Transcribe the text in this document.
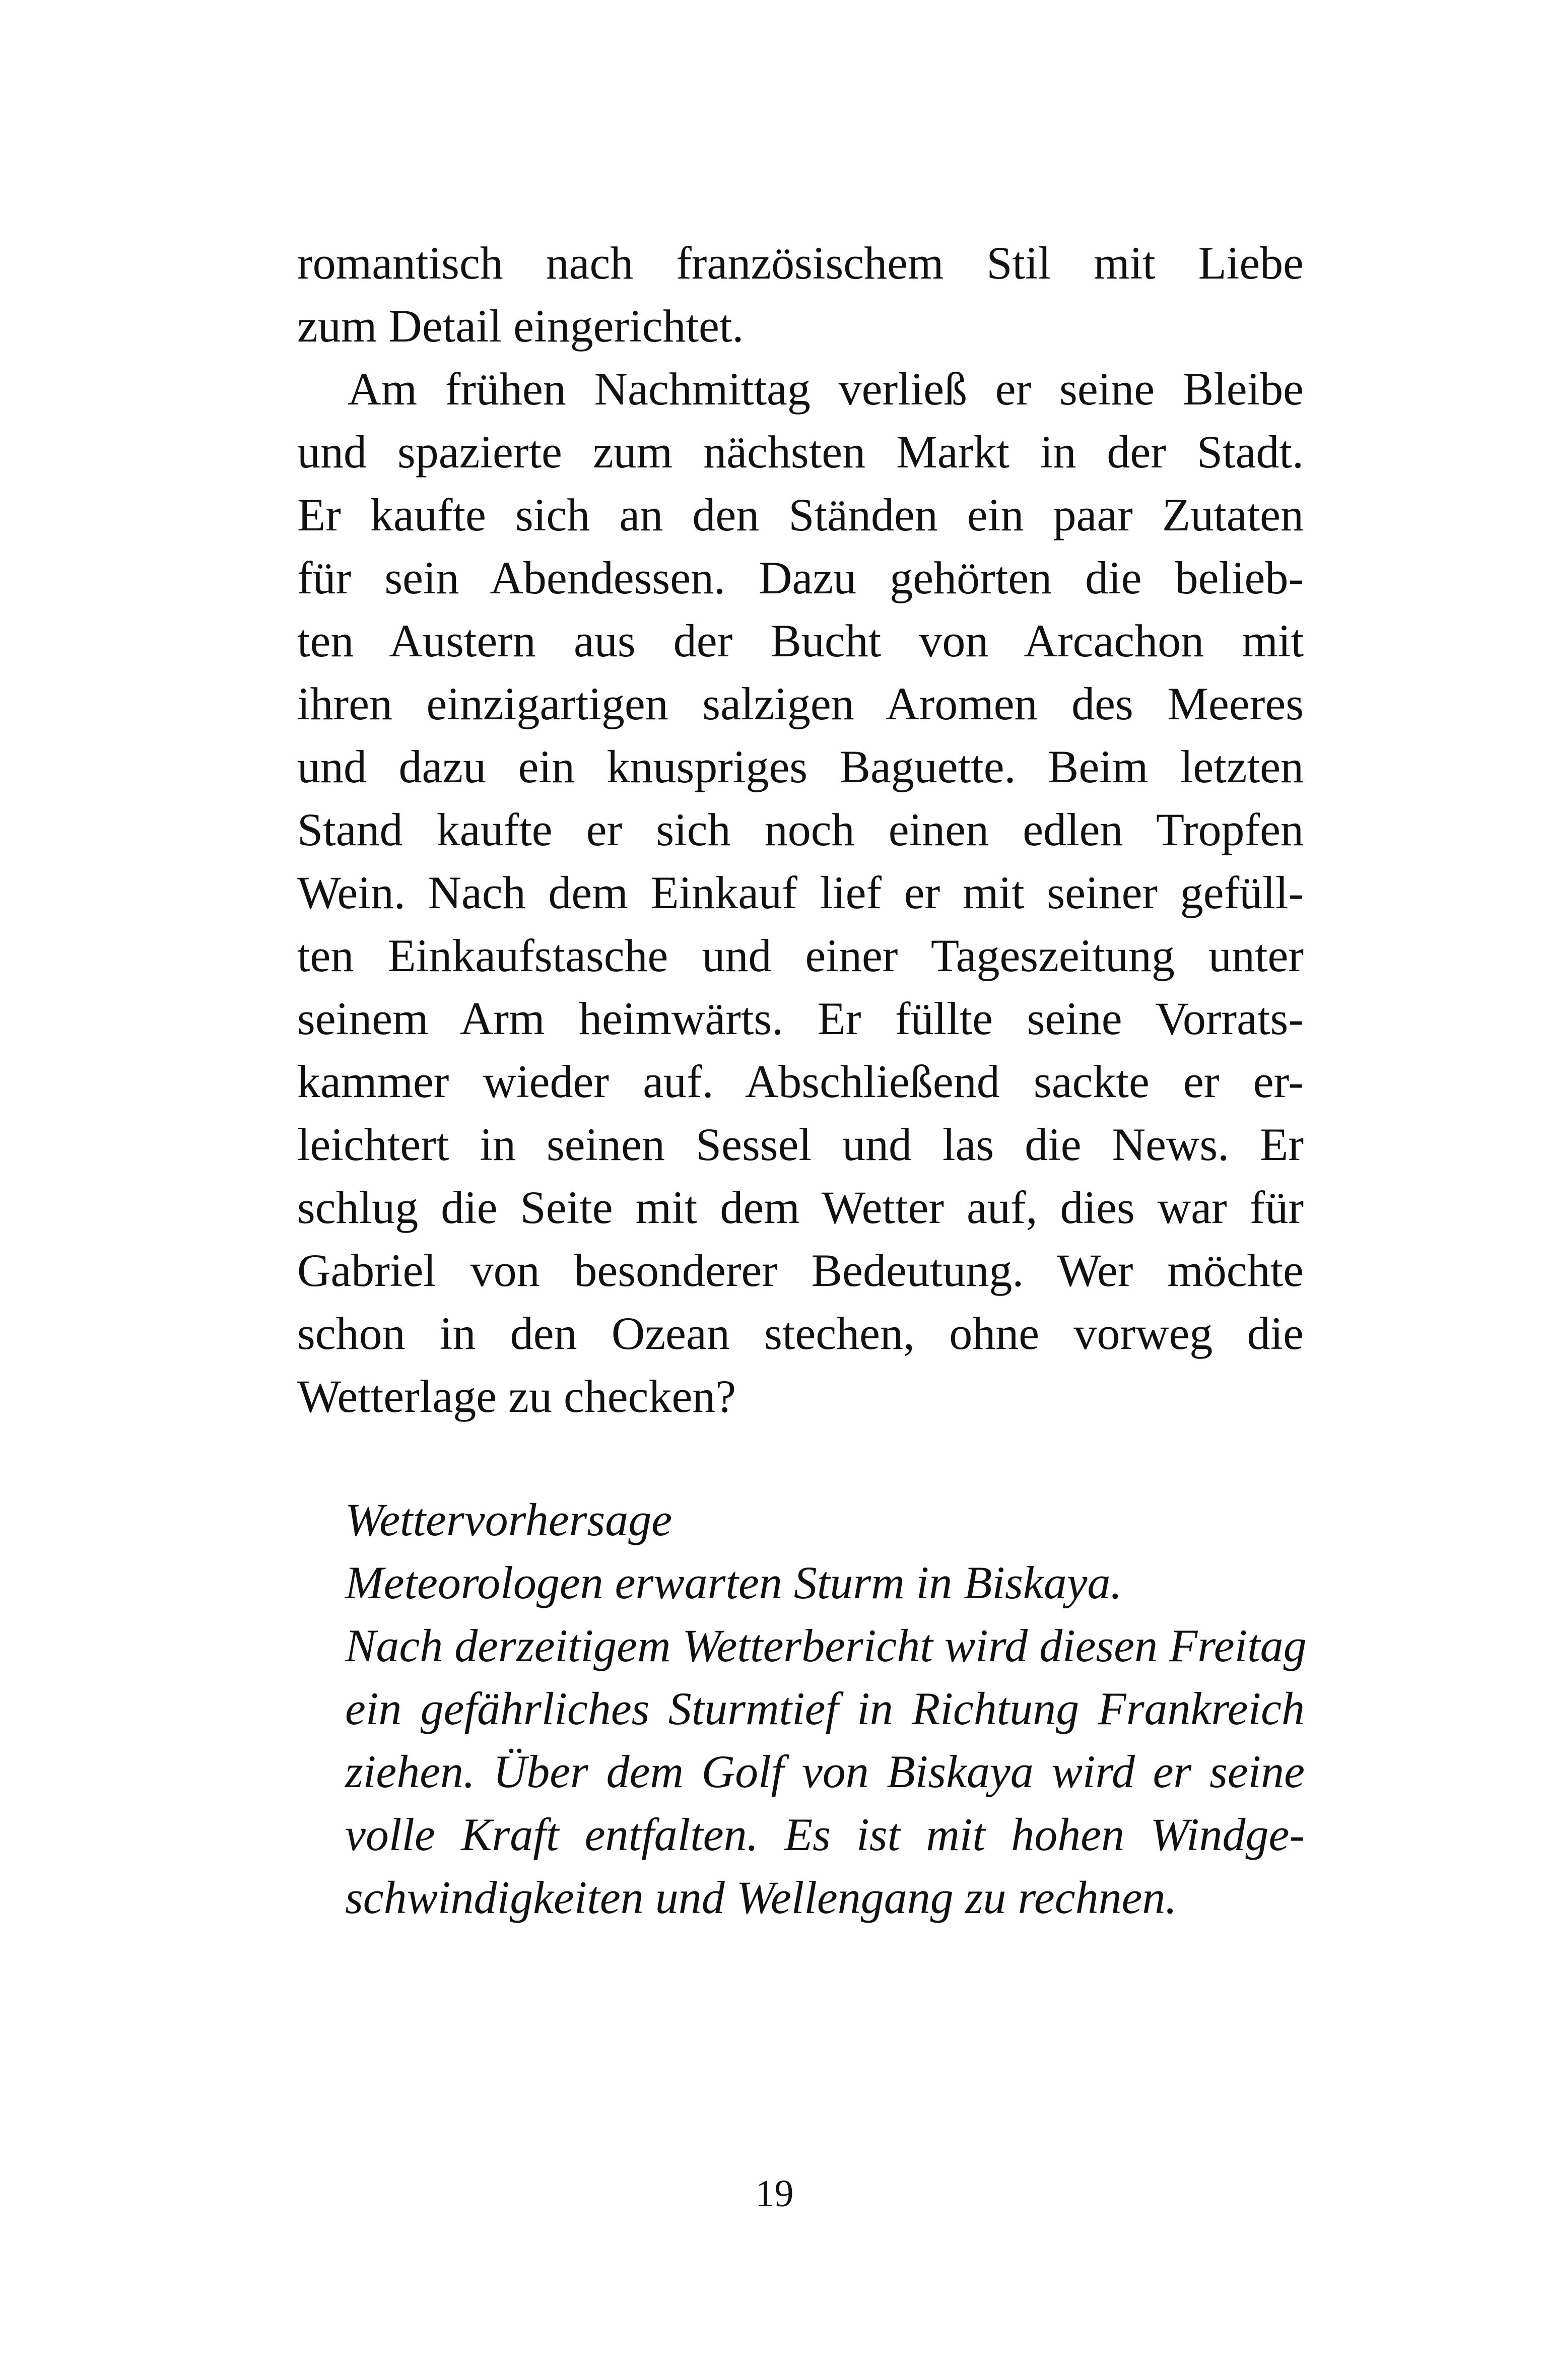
romantisch nach französischem Stil mit Liebe
zum Detail eingerichtet.
Am frühen Nachmittag verließ er seine Bleibe
und spazierte zum nächsten Markt in der Stadt.
Er kaufte sich an den Ständen ein paar Zutaten
für sein Abendessen. Dazu gehörten die belieb-
ten Austern aus der Bucht von Arcachon mit
ihren einzigartigen salzigen Aromen des Meeres
und dazu ein knuspriges Baguette. Beim letzten
Stand kaufte er sich noch einen edlen Tropfen
Wein. Nach dem Einkauf lief er mit seiner gefüll-
ten Einkaufstasche und einer Tageszeitung unter
seinem Arm heimwärts. Er füllte seine Vorrats-
kammer wieder auf. Abschließend sackte er er-
leichtert in seinen Sessel und las die News. Er
schlug die Seite mit dem Wetter auf, dies war für
Gabriel von besonderer Bedeutung. Wer möchte
schon in den Ozean stechen, ohne vorweg die
Wetterlage zu checken?
Wettervorhersage
Meteorologen erwarten Sturm in Biskaya.
Nach derzeitigem Wetterbericht wird diesen Freitag
ein gefährliches Sturmtief in Richtung Frankreich
ziehen. Über dem Golf von Biskaya wird er seine
volle Kraft entfalten. Es ist mit hohen Windge-
schwindigkeiten und Wellengang zu rechnen.
19
